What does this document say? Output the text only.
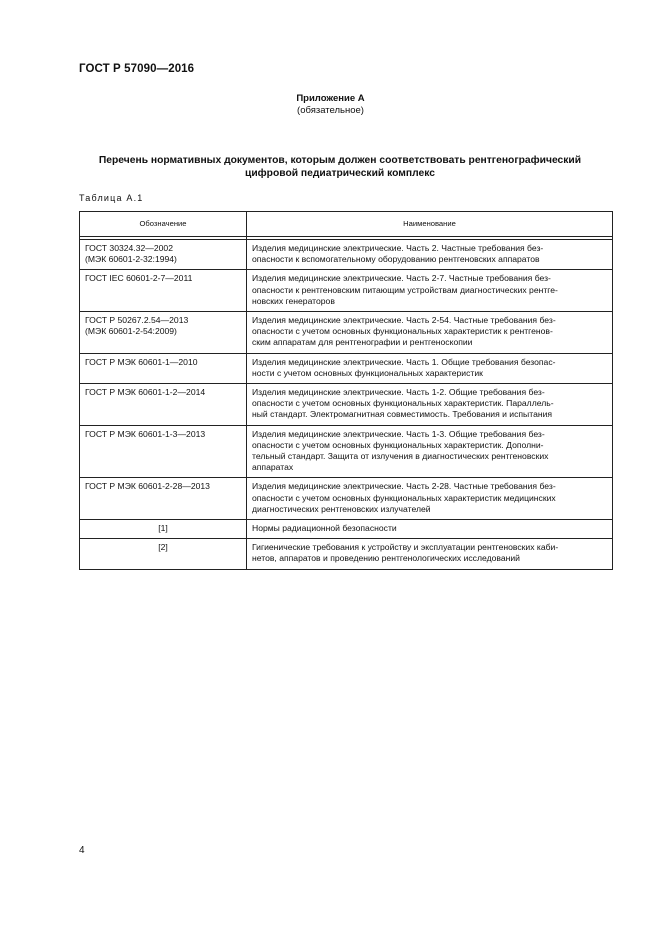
ГОСТ Р 57090—2016
Приложение А
(обязательное)
Перечень нормативных документов, которым должен соответствовать рентгенографический
цифровой педиатрический комплекс
Таблица А.1
Обозначение	Наименование

ГОСТ 30324.32—2002
(МЭК 60601-2-32:1994)	Изделия медицинские электрические. Часть 2. Частные требования без-
опасности к вспомогательному оборудованию рентгеновских аппаратов

ГОСТ IEC 60601-2-7—2011	Изделия медицинские электрические. Часть 2-7. Частные требования без-
опасности к рентгеновским питающим устройствам диагностических рентге-
новских генераторов

ГОСТ Р 50267.2.54—2013
(МЭК 60601-2-54:2009)	Изделия медицинские электрические. Часть 2-54. Частные требования без-
опасности с учетом основных функциональных характеристик к рентгенов-
ским аппаратам для рентгенографии и рентгеноскопии

ГОСТ Р МЭК 60601-1—2010	Изделия медицинские электрические. Часть 1. Общие требования безопас-
ности с учетом основных функциональных характеристик

ГОСТ Р МЭК 60601-1-2—2014	Изделия медицинские электрические. Часть 1-2. Общие требования без-
опасности с учетом основных функциональных характеристик. Параллель-
ный стандарт. Электромагнитная совместимость. Требования и испытания

ГОСТ Р МЭК 60601-1-3—2013	Изделия медицинские электрические. Часть 1-3. Общие требования без-
опасности с учетом основных функциональных характеристик. Дополни-
тельный стандарт. Защита от излучения в диагностических рентгеновских
аппаратах

ГОСТ Р МЭК 60601-2-28—2013	Изделия медицинские электрические. Часть 2-28. Частные требования без-
опасности с учетом основных функциональных характеристик медицинских
диагностических рентгеновских излучателей

[1]	Нормы радиационной безопасности

[2]	Гигиенические требования к устройству и эксплуатации рентгеновских каби-
нетов, аппаратов и проведению рентгенологических исследований
4
